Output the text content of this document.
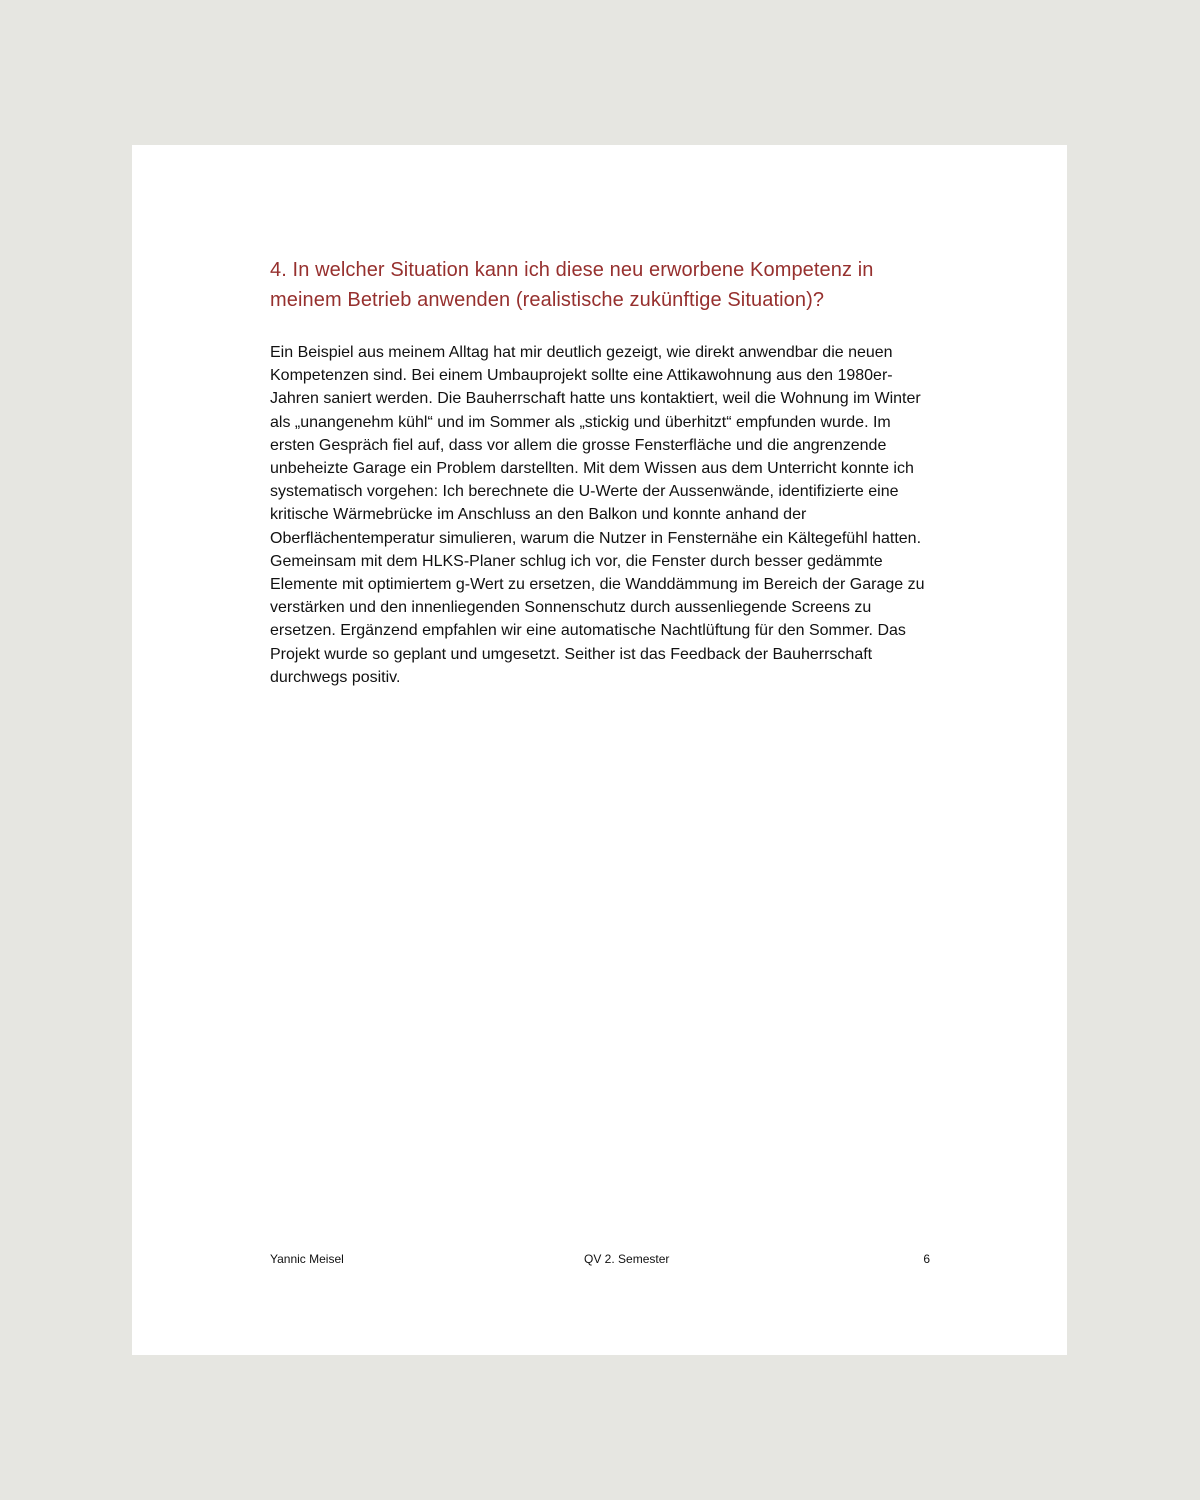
4. In welcher Situation kann ich diese neu erworbene Kompetenz in meinem Betrieb anwenden (realistische zukünftige Situation)?

Ein Beispiel aus meinem Alltag hat mir deutlich gezeigt, wie direkt anwendbar die neuen Kompetenzen sind. Bei einem Umbauprojekt sollte eine Attikawohnung aus den 1980er-Jahren saniert werden. Die Bauherrschaft hatte uns kontaktiert, weil die Wohnung im Winter als „unangenehm kühl“ und im Sommer als „stickig und überhitzt“ empfunden wurde. Im ersten Gespräch fiel auf, dass vor allem die grosse Fensterfläche und die angrenzende unbeheizte Garage ein Problem darstellten. Mit dem Wissen aus dem Unterricht konnte ich systematisch vorgehen: Ich berechnete die U-Werte der Aussenwände, identifizierte eine kritische Wärmebrücke im Anschluss an den Balkon und konnte anhand der Oberflächentemperatur simulieren, warum die Nutzer in Fensternähe ein Kältegefühl hatten. Gemeinsam mit dem HLKS-Planer schlug ich vor, die Fenster durch besser gedämmte Elemente mit optimiertem g-Wert zu ersetzen, die Wanddämmung im Bereich der Garage zu verstärken und den innenliegenden Sonnenschutz durch aussenliegende Screens zu ersetzen. Ergänzend empfahlen wir eine automatische Nachtlüftung für den Sommer. Das Projekt wurde so geplant und umgesetzt. Seither ist das Feedback der Bauherrschaft durchwegs positiv.

Yannic Meisel	QV 2. Semester	6
